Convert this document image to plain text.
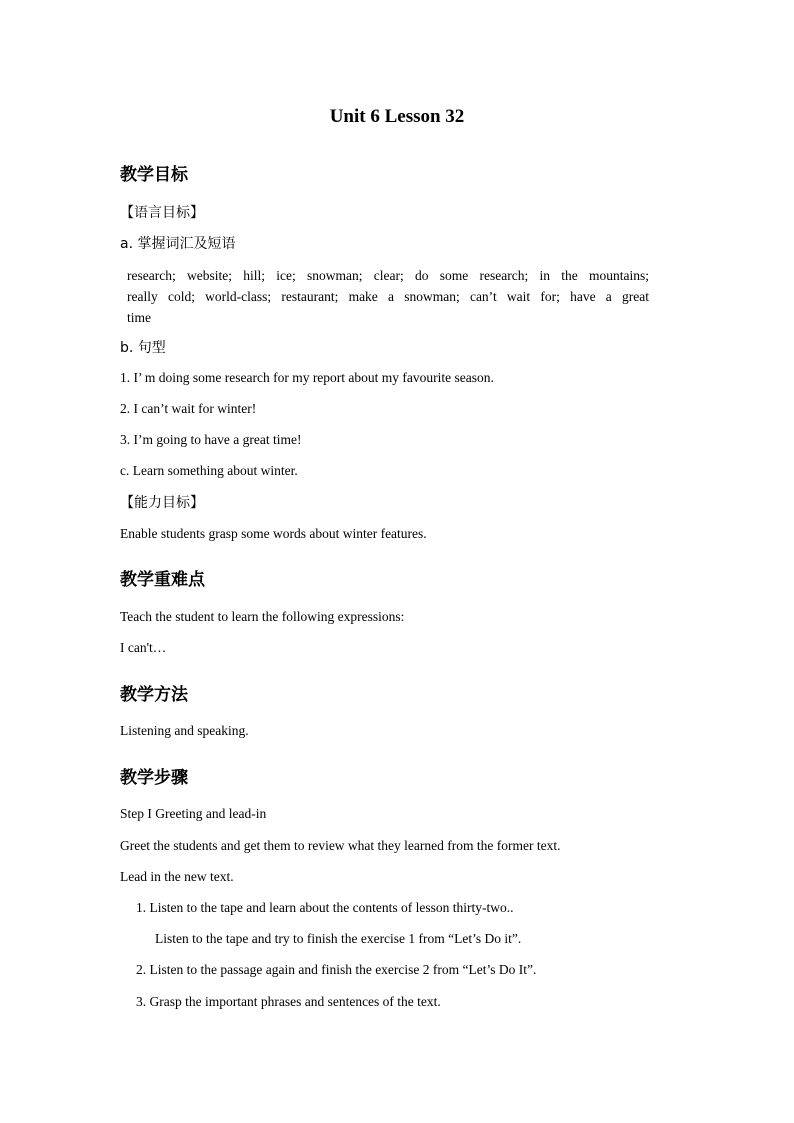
Unit 6 Lesson 32
教学目标
【语言目标】
a. 掌握词汇及短语
research; website; hill; ice; snowman; clear; do some research; in the mountains;
really cold; world-class; restaurant; make a snowman; can’t wait for; have a great
time
b. 句型
1. I’ m doing some research for my report about my favourite season.
2. I can’t wait for winter!
3. I’m going to have a great time!
c. Learn something about winter.
【能力目标】
Enable students grasp some words about winter features.
教学重难点
Teach the student to learn the following expressions:
I can't…
教学方法
Listening and speaking.
教学步骤
Step I Greeting and lead-in
Greet the students and get them to review what they learned from the former text.
Lead in the new text.
1. Listen to the tape and learn about the contents of lesson thirty-two..
Listen to the tape and try to finish the exercise 1 from “Let’s Do it”.
2. Listen to the passage again and finish the exercise 2 from “Let’s Do It”.
3. Grasp the important phrases and sentences of the text.
